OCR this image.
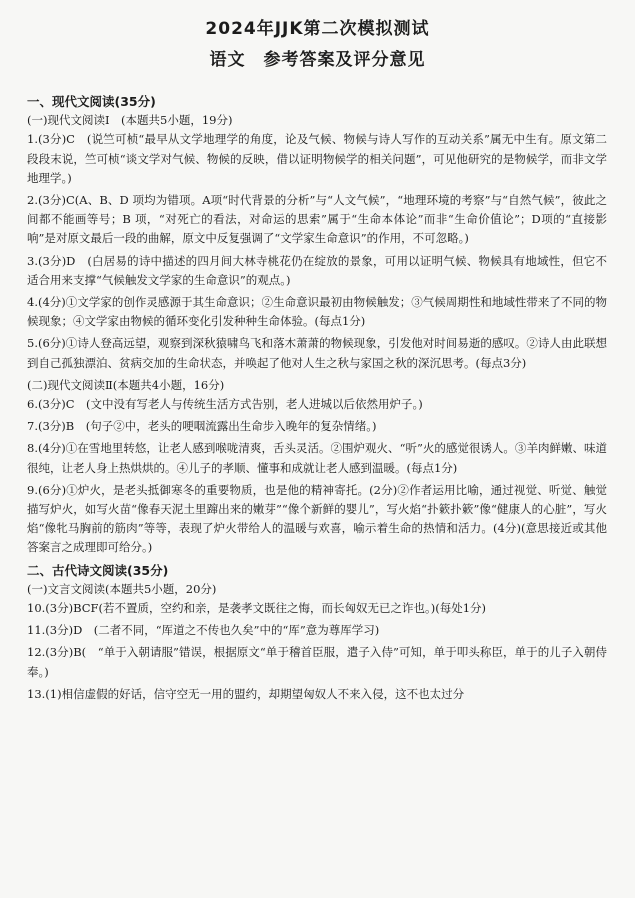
2024年JJK第二次模拟测试
语文　参考答案及评分意见

一、现代文阅读(35分)

(一)现代文阅读Ⅰ　(本题共5小题，19分)

1.(3分)C　(说竺可桢“最早从文学地理学的角度，论及气候、物候与诗人写作的互动关系”属无中生有。原文第二段段末说，竺可桢“谈文学对气候、物候的反映，借以证明物候学的相关问题”，可见他研究的是物候学，而非文学地理学。)

2.(3分)C(A、B、D 项均为错项。A项“时代背景的分析”与“人文气候”，“地理环境的考察”与“自然气候”，彼此之间都不能画等号；B 项，“对死亡的看法，对命运的思索”属于“生命本体论”而非“生命价值论”；D项的“直接影响”是对原文最后一段的曲解，原文中反复强调了“文学家生命意识”的作用，不可忽略。)

3.(3分)D　(白居易的诗中描述的四月间大林寺桃花仍在绽放的景象，可用以证明气候、物候具有地域性，但它不适合用来支撑“气候触发文学家的生命意识”的观点。)

4.(4分)①文学家的创作灵感源于其生命意识；②生命意识最初由物候触发；③气候周期性和地域性带来了不同的物候现象；④文学家由物候的循环变化引发种种生命体验。(每点1分)

5.(6分)①诗人登高远望，观察到深秋猿啸鸟飞和落木萧萧的物候现象，引发他对时间易逝的感叹。②诗人由此联想到自己孤独漂泊、贫病交加的生命状态，并唤起了他对人生之秋与家国之秋的深沉思考。(每点3分)

(二)现代文阅读Ⅱ(本题共4小题，16分)

6.(3分)C　(文中没有写老人与传统生活方式告别，老人进城以后依然用炉子。)

7.(3分)B　(句子②中，老头的哽咽流露出生命步入晚年的复杂情绪。)

8.(4分)①在雪地里转悠，让老人感到喉咙清爽，舌头灵活。②围炉观火、“听”火的感觉很诱人。③羊肉鲜嫩、味道很纯，让老人身上热烘烘的。④儿子的孝顺、懂事和成就让老人感到温暖。(每点1分)

9.(6分)①炉火，是老头抵御寒冬的重要物质，也是他的精神寄托。(2分)②作者运用比喻，通过视觉、听觉、触觉描写炉火，如写火苗“像春天泥土里蹿出来的嫩芽”“像个新鲜的婴儿”，写火焰“扑簌扑簌”像“健康人的心脏”，写火焰“像牝马胸前的筋肉”等等，表现了炉火带给人的温暖与欢喜，喻示着生命的热情和活力。(4分)(意思接近或其他答案言之成理即可给分。)

二、古代诗文阅读(35分)

(一)文言文阅读(本题共5小题，20分)

10.(3分)BCF(若不置质，空约和亲，是袭孝文既往之悔，而长匈奴无已之诈也。)(每处1分)

11.(3分)D　(二者不同，“厍道之不传也久矣”中的“厍”意为尊厍学习)

12.(3分)B(　“单于入朝请服”错误，根据原文“单于稽首臣服，遣子入侍”可知，单于叩头称臣，单于的儿子入朝侍奉。)

13.(1)相信虚假的好话，信守空无一用的盟约，却期望匈奴人不来入侵，这不也太过分
